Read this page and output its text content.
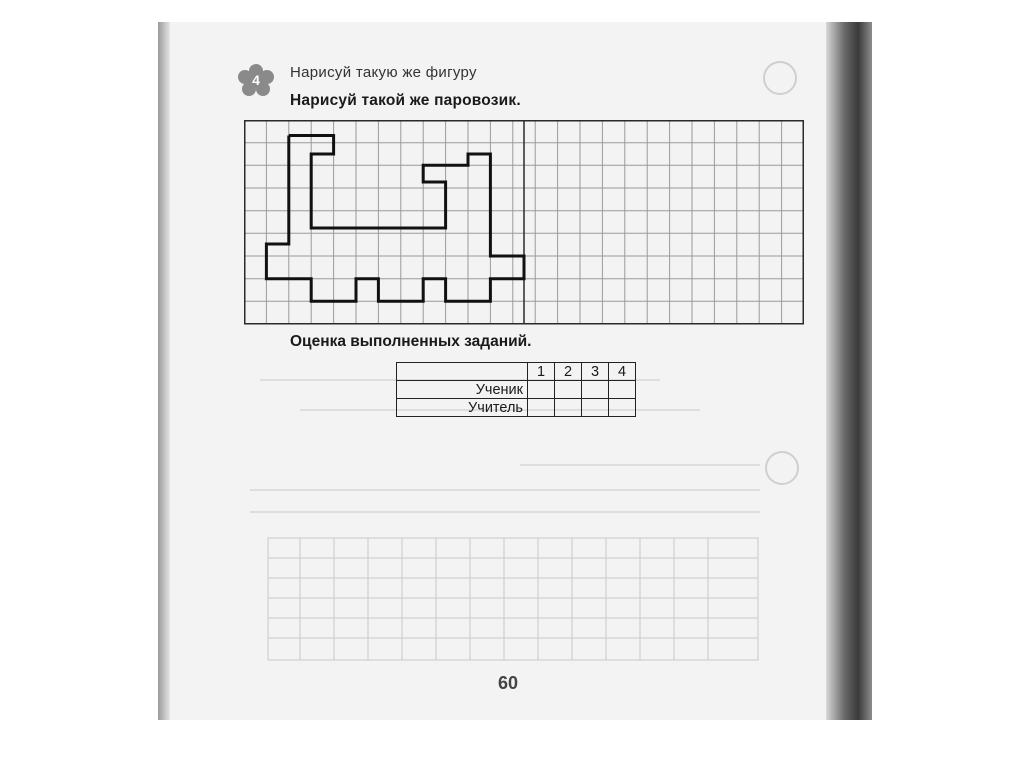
4 Нарисуй такую же фигуру
Нарисуй такой же паровозик.
Оценка выполненных заданий.
	1	2	3	4
Ученик				
Учитель				
60
